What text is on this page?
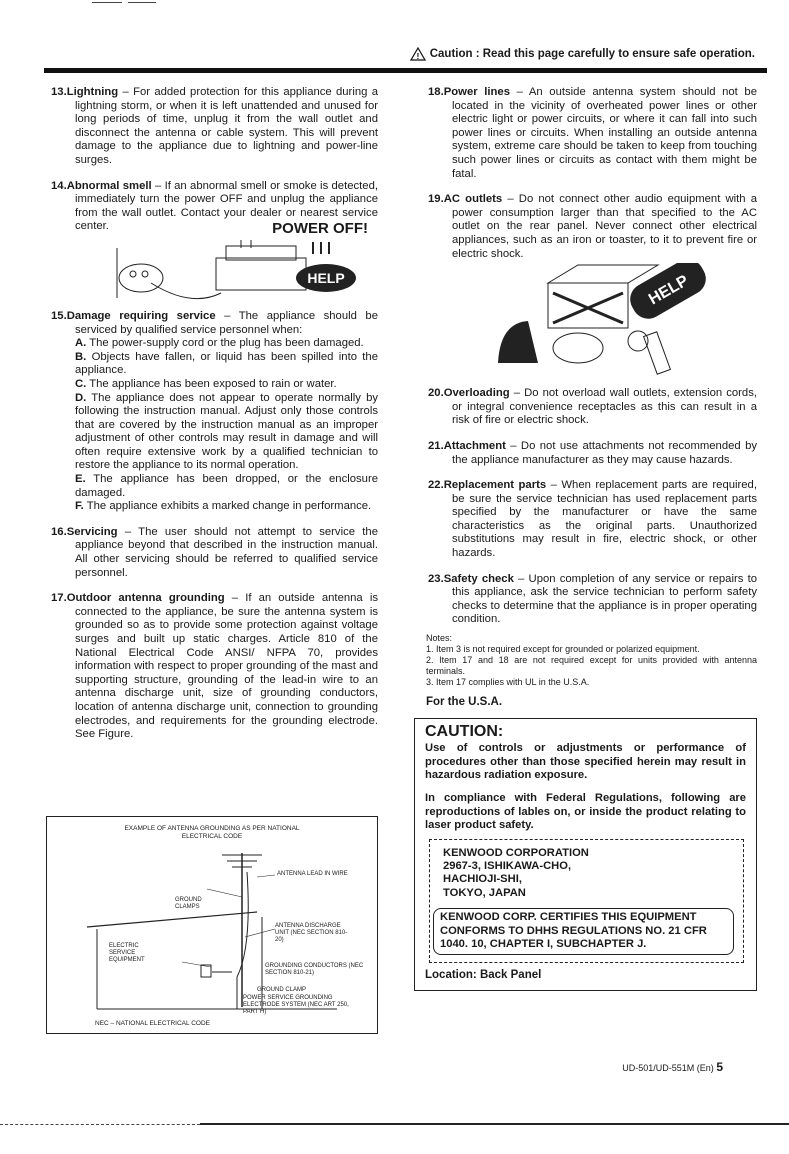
! Caution : Read this page carefully to ensure safe operation.
13.Lightning – For added protection for this appliance during a lightning storm, or when it is left unattended and unused for long periods of time, unplug it from the wall outlet and disconnect the antenna or cable system. This will prevent damage to the appliance due to lightning and power-line surges.
14.Abnormal smell – If an abnormal smell or smoke is detected, immediately turn the power OFF and unplug the appliance from the wall outlet. Contact your dealer or nearest service center.	POWER OFF!
HELP
15.Damage requiring service – The appliance should be serviced by qualified service personnel when:

A. The power-supply cord or the plug has been damaged.

B. Objects have fallen, or liquid has been spilled into the appliance.

C. The appliance has been exposed to rain or water.

D. The appliance does not appear to operate normally by following the instruction manual. Adjust only those controls that are covered by the instruction manual as an improper adjustment of other controls may result in damage and will often require extensive work by a qualified technician to restore the appliance to its normal operation.

E. The appliance has been dropped, or the enclosure damaged.

F. The appliance exhibits a marked change in performance.

16.Servicing – The user should not attempt to service the appliance beyond that described in the instruction manual. All other servicing should be referred to qualified service personnel.
17.Outdoor antenna grounding – If an outside antenna is connected to the appliance, be sure the antenna system is grounded so as to provide some protection against voltage surges and built up static charges. Article 810 of the National Electrical Code ANSI/ NFPA 70, provides information with respect to proper grounding of the mast and supporting structure, grounding of the lead-in wire to an antenna discharge unit, size of grounding conductors, location of antenna discharge unit, connection to grounding electrodes, and requirements for the grounding electrode. See Figure.
EXAMPLE OF ANTENNA GROUNDING AS PER NATIONAL
ELECTRICAL CODE
ANTENNA LEAD IN WIRE
GROUND CLAMPS
ELECTRIC SERVICE EQUIPMENT
ANTENNA DISCHARGE UNIT (NEC SECTION 810-20)
GROUNDING CONDUCTORS (NEC SECTION 810-21)
GROUND CLAMP
POWER SERVICE GROUNDING ELECTRODE SYSTEM (NEC ART 250, PART H)
NEC – NATIONAL ELECTRICAL CODE
18.Power lines – An outside antenna system should not be located in the vicinity of overheated power lines or other electric light or power circuits, or where it can fall into such power lines or circuits. When installing an outside antenna system, extreme care should be taken to keep from touching such power lines or circuits as contact with them might be fatal.
19.AC outlets – Do not connect other audio equipment with a power consumption larger than that specified to the AC outlet on the rear panel. Never connect other electrical appliances, such as an iron or toaster, to it to prevent fire or electric shock.
HELP
20.Overloading – Do not overload wall outlets, extension cords, or integral convenience receptacles as this can result in a risk of fire or electric shock.
21.Attachment – Do not use attachments not recommended by the appliance manufacturer as they may cause hazards.
22.Replacement parts – When replacement parts are required, be sure the service technician has used replacement parts specified by the manufacturer or have the same characteristics as the original parts. Unauthorized substitutions may result in fire, electric shock, or other hazards.
23.Safety check – Upon completion of any service or repairs to this appliance, ask the service technician to perform safety checks to determine that the appliance is in proper operating condition.

Notes:

1. Item 3 is not required except for grounded or polarized equipment.

2. Item 17 and 18 are not required except for units provided with antenna terminals.

3. Item 17 complies with UL in the U.S.A.

For the U.S.A.
CAUTION:
Use of controls or adjustments or performance of procedures other than those specified herein may result in hazardous radiation exposure.
In compliance with Federal Regulations, following are reproductions of lables on, or inside the product relating to laser product safety.
KENWOOD CORPORATION
2967-3, ISHIKAWA-CHO,
HACHIOJI-SHI,
TOKYO, JAPAN
KENWOOD CORP. CERTIFIES THIS EQUIPMENT
CONFORMS TO DHHS REGULATIONS NO. 21 CFR
1040. 10, CHAPTER I, SUBCHAPTER J.
Location: Back Panel
UD-501/UD-551M (En) 5
